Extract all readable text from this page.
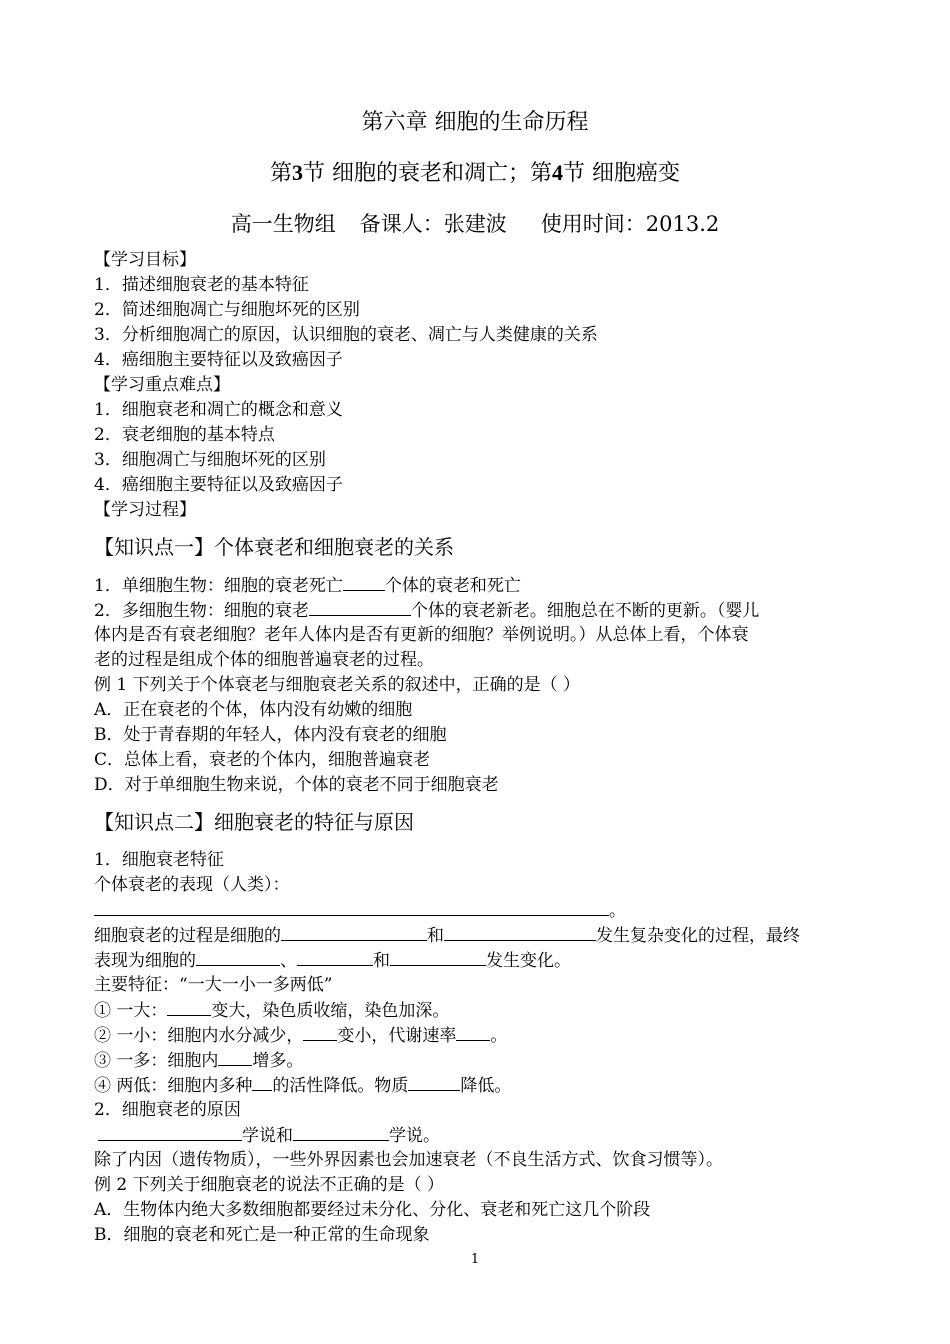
第六章 细胞的生命历程
第3节 细胞的衰老和凋亡；第4节 细胞癌变
高一生物组 备课人：张建波 使用时间：2013.2
【学习目标】
1．描述细胞衰老的基本特征
2．简述细胞凋亡与细胞坏死的区别
3．分析细胞凋亡的原因，认识细胞的衰老、凋亡与人类健康的关系
4．癌细胞主要特征以及致癌因子
【学习重点难点】
1．细胞衰老和凋亡的概念和意义
2．衰老细胞的基本特点
3．细胞凋亡与细胞坏死的区别
4．癌细胞主要特征以及致癌因子
【学习过程】
【知识点一】个体衰老和细胞衰老的关系
1．单细胞生物：细胞的衰老死亡 个体的衰老和死亡
2．多细胞生物：细胞的衰老	个体的衰老新老。细胞总在不断的更新。（婴儿
体内是否有衰老细胞？老年人体内是否有更新的细胞？举例说明。）从总体上看，个体衰
老的过程是组成个体的细胞普遍衰老的过程。
例 1 下列关于个体衰老与细胞衰老关系的叙述中，正确的是（ ）
A．正在衰老的个体，体内没有幼嫩的细胞
B．处于青春期的年轻人，体内没有衰老的细胞
C．总体上看，衰老的个体内，细胞普遍衰老
D．对于单细胞生物来说，个体的衰老不同于细胞衰老
【知识点二】细胞衰老的特征与原因
1．细胞衰老特征
个体衰老的表现（人类）：
。
细胞衰老的过程是细胞的	和	发生复杂变化的过程，最终
表现为细胞的	、	和	发生变化。
主要特征：“一大一小一多两低”
① 一大：	变大，染色质收缩，染色加深。
② 一小：细胞内水分减少， 变小，代谢速率 。
③ 一多：细胞内 增多。
④ 两低：细胞内多种 的活性降低。物质	降低。
2．细胞衰老的原因
学说和	学说。
除了内因（遗传物质），一些外界因素也会加速衰老（不良生活方式、饮食习惯等）。
例 2 下列关于细胞衰老的说法不正确的是（ ）
A．生物体内绝大多数细胞都要经过未分化、分化、衰老和死亡这几个阶段
B．细胞的衰老和死亡是一种正常的生命现象
1
